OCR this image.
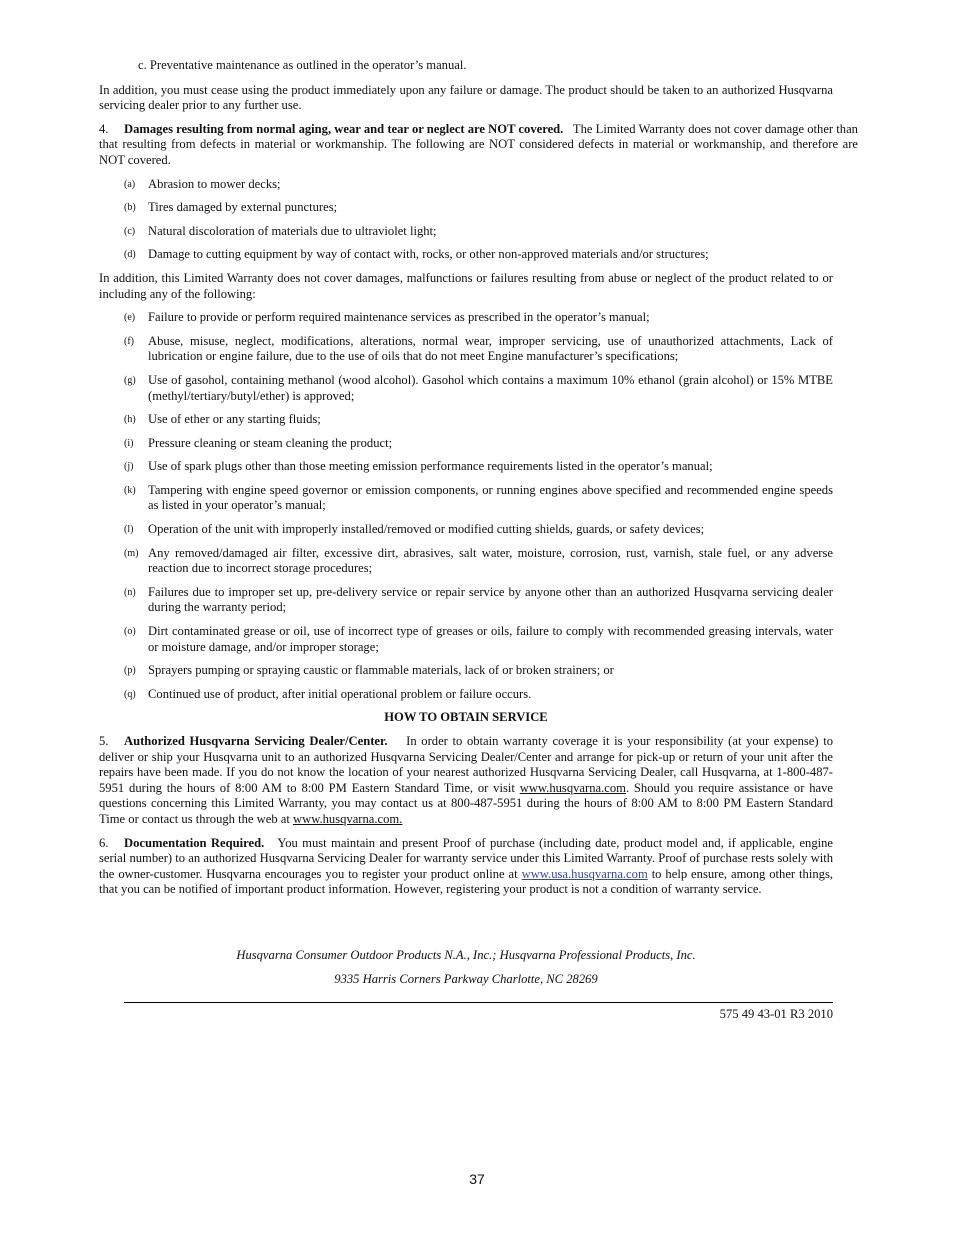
c. Preventative maintenance as outlined in the operator’s manual.

In addition, you must cease using the product immediately upon any failure or damage. The product should be taken to an authorized Husqvarna servicing dealer prior to any further use.

4. Damages resulting from normal aging, wear and tear or neglect are NOT covered. The Limited Warranty does not cover damage other than that resulting from defects in material or workmanship. The following are NOT considered defects in material or workmanship, and therefore are NOT covered.

(a)	Abrasion to mower decks;
(b) Tires damaged by external punctures;
(c)	Natural discoloration of materials due to ultraviolet light;
(d) Damage to cutting equipment by way of contact with, rocks, or other non-approved materials and/or structures;

In addition, this Limited Warranty does not cover damages, malfunctions or failures resulting from abuse or neglect of the product related to or including any of the following:

(e)	Failure to provide or perform required maintenance services as prescribed in the operator’s manual;
(f)	Abuse, misuse, neglect, modifications, alterations, normal wear, improper servicing, use of unauthorized attachments, Lack of lubrication or engine failure, due to the use of oils that do not meet Engine manufacturer’s specifications;
(g) Use of gasohol, containing methanol (wood alcohol). Gasohol which contains a maximum 10% ethanol (grain alcohol) or 15% MTBE (methyl/tertiary/butyl/ether) is approved;
(h) Use of ether or any starting fluids;
(i)	Pressure cleaning or steam cleaning the product;
(j)	Use of spark plugs other than those meeting emission performance requirements listed in the operator’s manual;
(k) Tampering with engine speed governor or emission components, or running engines above specified and recommended engine speeds as listed in your operator’s manual;
(l)	Operation of the unit with improperly installed/removed or modified cutting shields, guards, or safety devices;
(m) Any removed/damaged air filter, excessive dirt, abrasives, salt water, moisture, corrosion, rust, varnish, stale fuel, or any adverse reaction due to incorrect storage procedures;
(n) Failures due to improper set up, pre-delivery service or repair service by anyone other than an authorized Husqvarna servicing dealer during the warranty period;
(o) Dirt contaminated grease or oil, use of incorrect type of greases or oils, failure to comply with recommended greasing intervals, water or moisture damage, and/or improper storage;
(p) Sprayers pumping or spraying caustic or flammable materials, lack of or broken strainers; or
(q) Continued use of product, after initial operational problem or failure occurs.

HOW TO OBTAIN SERVICE

5. Authorized Husqvarna Servicing Dealer/Center. In order to obtain warranty coverage it is your responsibility (at your expense) to deliver or ship your Husqvarna unit to an authorized Husqvarna Servicing Dealer/Center and arrange for pick-up or return of your unit after the repairs have been made. If you do not know the location of your nearest authorized Husqvarna Servicing Dealer, call Husqvarna, at 1-800-487-5951 during the hours of 8:00 AM to 8:00 PM Eastern Standard Time, or visit www.husqvarna.com. Should you require assistance or have questions concerning this Limited Warranty, you may contact us at 800-487-5951 during the hours of 8:00 AM to 8:00 PM Eastern Standard Time or contact us through the web at www.husqvarna.com.

6. Documentation Required. You must maintain and present Proof of purchase (including date, product model and, if applicable, engine serial number) to an authorized Husqvarna Servicing Dealer for warranty service under this Limited Warranty. Proof of purchase rests solely with the owner-customer. Husqvarna encourages you to register your product online at www.usa.husqvarna.com to help ensure, among other things, that you can be notified of important product information. However, registering your product is not a condition of warranty service.

Husqvarna Consumer Outdoor Products N.A., Inc.; Husqvarna Professional Products, Inc.

9335 Harris Corners Parkway Charlotte, NC 28269

575 49 43-01 R3 2010
37
